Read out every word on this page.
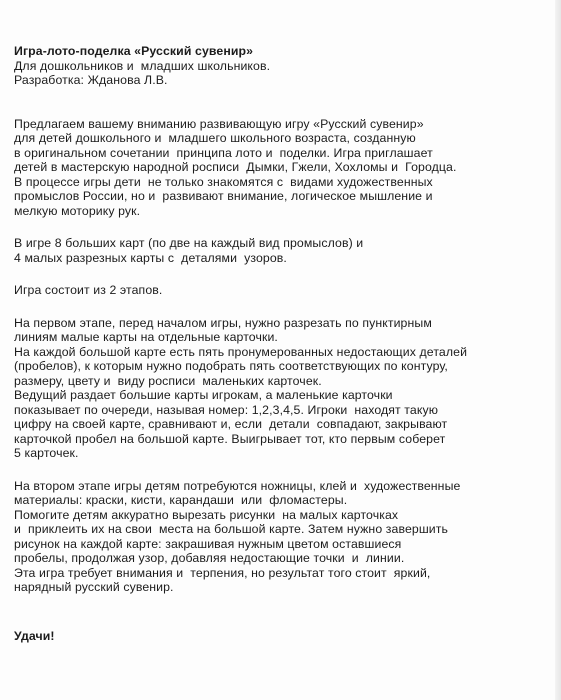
Игра-лото-поделка «Русский сувенир»
Для дошкольников и  младших школьников.
Разработка: Жданова Л.В.
Предлагаем вашему вниманию развивающую игру «Русский сувенир»
для детей дошкольного и  младшего школьного возраста, созданную
в оригинальном сочетании  принципа лото и  поделки. Игра приглашает
детей в мастерскую народной росписи  Дымки, Гжели, Хохломы и  Городца.
В процессе игры дети  не только знакомятся с  видами художественных
промыслов России, но и  развивают внимание, логическое мышление и
мелкую моторику рук.
В игре 8 больших карт (по две на каждый вид промыслов) и
4 малых разрезных карты с  деталями  узоров.
Игра состоит из 2 этапов.
На первом этапе, перед началом игры, нужно разрезать по пунктирным
линиям малые карты на отдельные карточки.
На каждой большой карте есть пять пронумерованных недостающих деталей
(пробелов), к которым нужно подобрать пять соответствующих по контуру,
размеру, цвету и  виду росписи  маленьких карточек.
Ведущий раздает большие карты игрокам, а маленькие карточки
показывает по очереди, называя номер: 1,2,3,4,5. Игроки  находят такую
цифру на своей карте, сравнивают и, если  детали  совпадают, закрывают
карточкой пробел на большой карте. Выигрывает тот, кто первым соберет
5 карточек.
На втором этапе игры детям потребуются ножницы, клей и  художественные
материалы: краски, кисти, карандаши  или  фломастеры.
Помогите детям аккуратно вырезать рисунки  на малых карточках
и  приклеить их на свои  места на большой карте. Затем нужно завершить
рисунок на каждой карте: закрашивая нужным цветом оставшиеся
пробелы, продолжая узор, добавляя недостающие точки  и  линии.
Эта игра требует внимания и  терпения, но результат того стоит  яркий,
нарядный русский сувенир.
Удачи!
